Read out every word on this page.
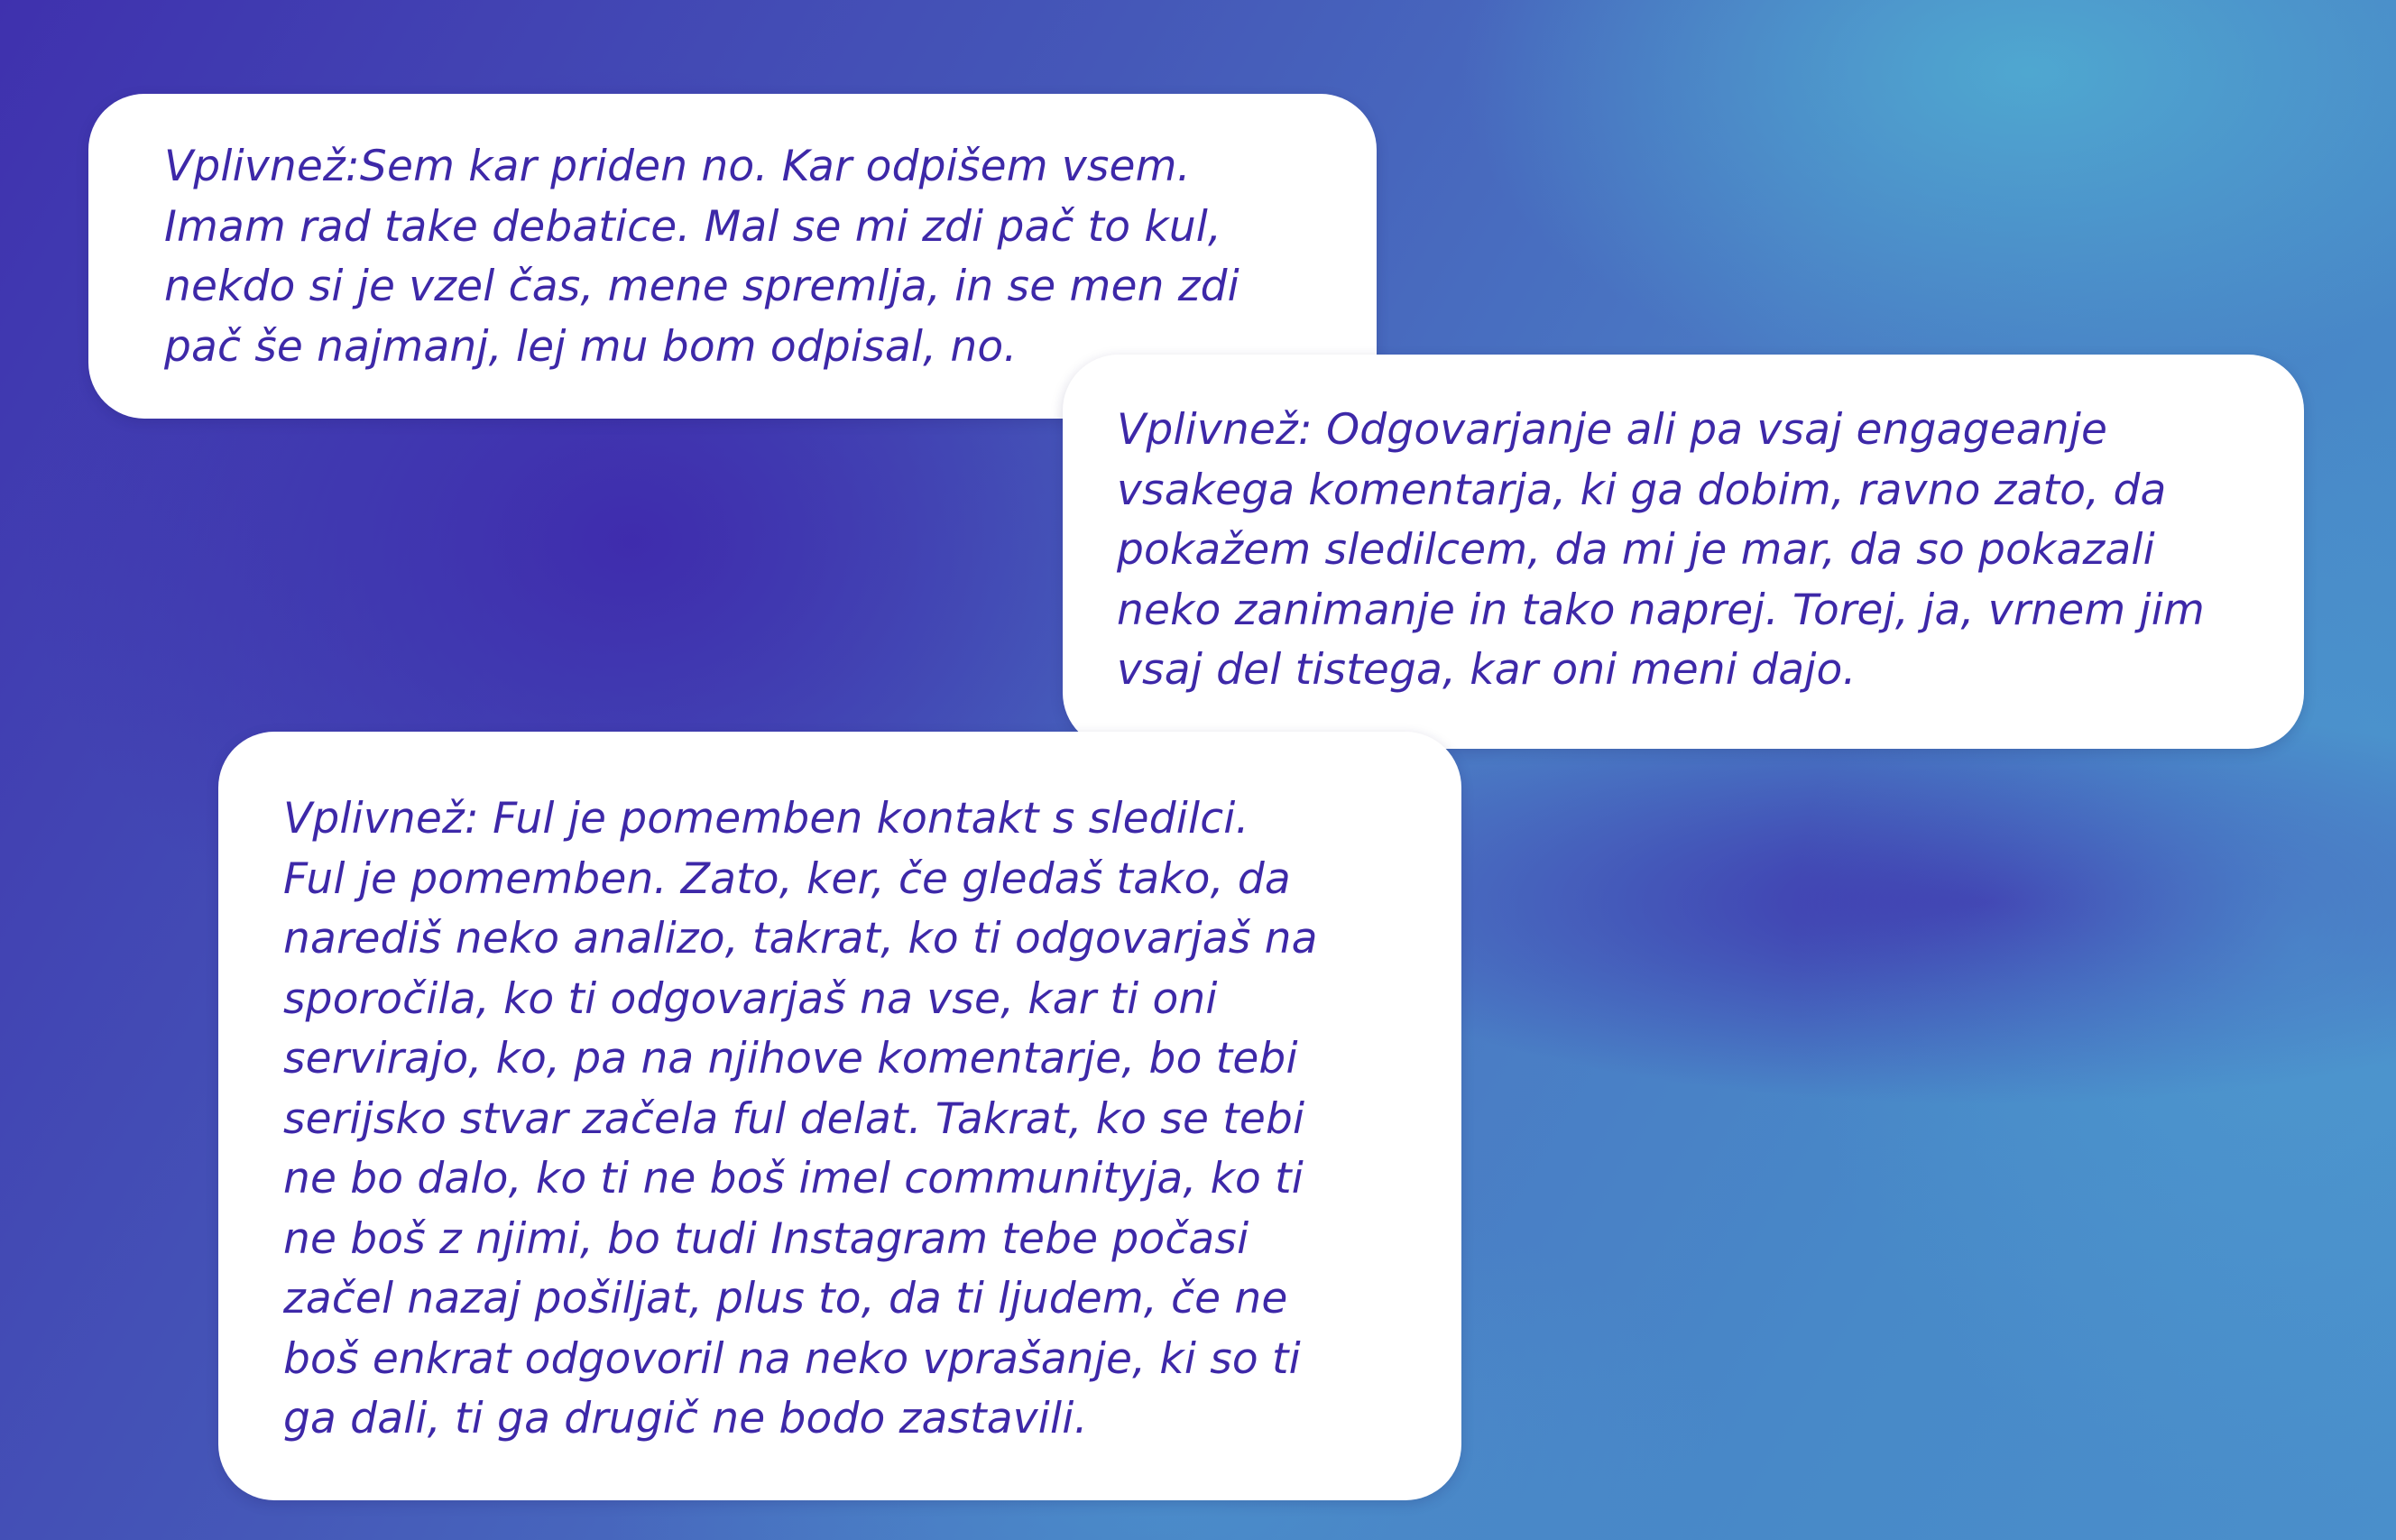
Vplivnež:Sem kar priden no. Kar odpišem vsem.
Imam rad take debatice. Mal se mi zdi pač to kul,
nekdo si je vzel čas, mene spremlja, in se men zdi
pač še najmanj, lej mu bom odpisal, no.

Vplivnež: Odgovarjanje ali pa vsaj engageanje
vsakega komentarja, ki ga dobim, ravno zato, da
pokažem sledilcem, da mi je mar, da so pokazali
neko zanimanje in tako naprej. Torej, ja, vrnem jim
vsaj del tistega, kar oni meni dajo.

Vplivnež: Ful je pomemben kontakt s sledilci.
Ful je pomemben. Zato, ker, če gledaš tako, da
narediš neko analizo, takrat, ko ti odgovarjaš na
sporočila, ko ti odgovarjaš na vse, kar ti oni
servirajo, ko, pa na njihove komentarje, bo tebi
serijsko stvar začela ful delat. Takrat, ko se tebi
ne bo dalo, ko ti ne boš imel communityja, ko ti
ne boš z njimi, bo tudi Instagram tebe počasi
začel nazaj pošiljat, plus to, da ti ljudem, če ne
boš enkrat odgovoril na neko vprašanje, ki so ti
ga dali, ti ga drugič ne bodo zastavili.
